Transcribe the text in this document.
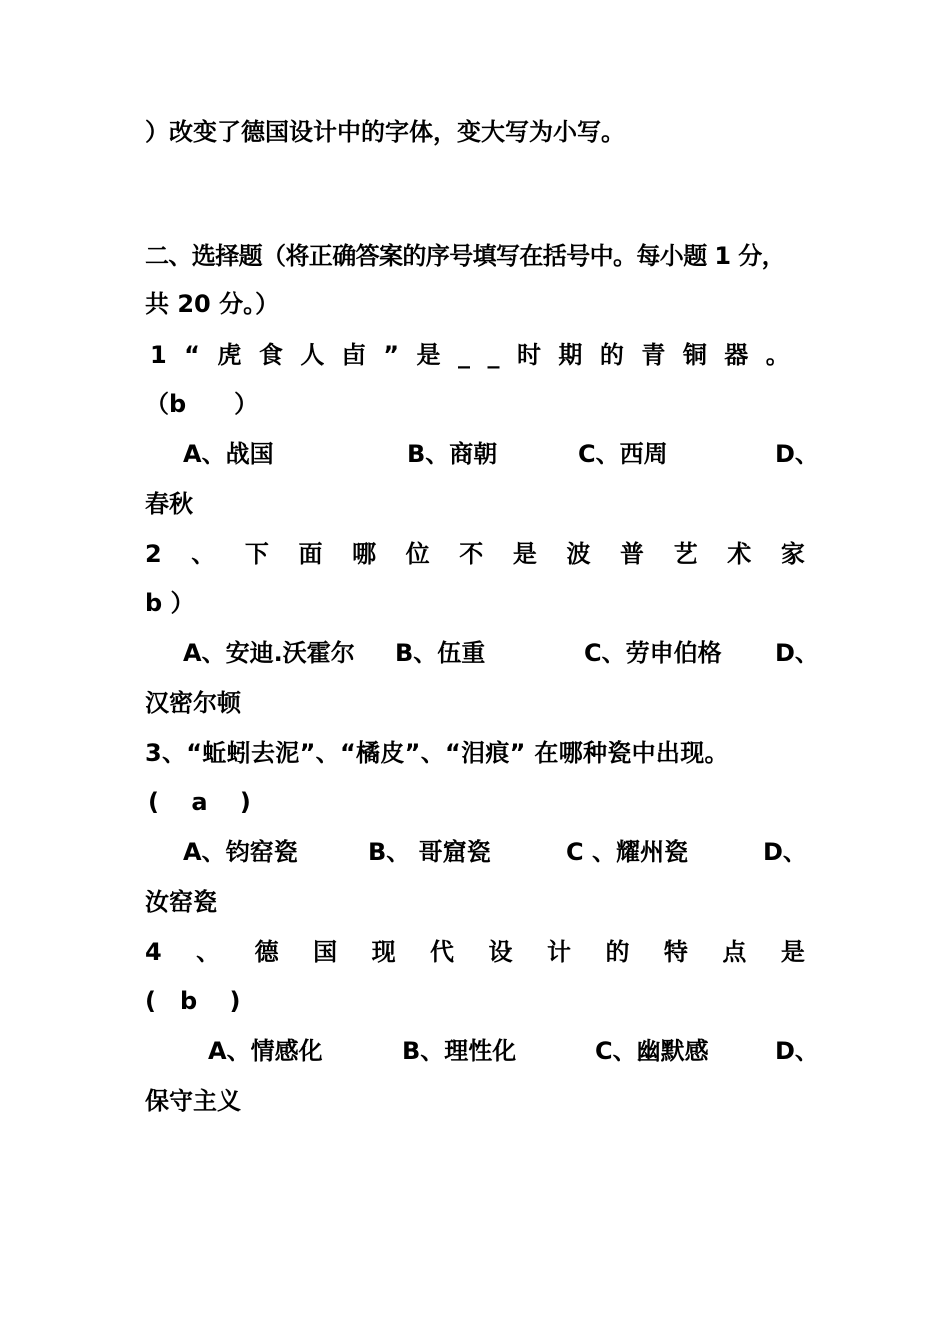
）改变了德国设计中的字体，变大写为小写。
二、选择题（将正确答案的序号填写在括号中。每小题 1 分，
共 20 分。）
1 “ 虎 食 人 卣 ” 是 _ _ 时 期 的 青 铜 器 。
（b　　）
A、战国	B、商朝	C、西周	D、
春秋
2 、 下 面 哪 位 不 是 波 普 艺 术 家
b ）
A、安迪.沃霍尔 B、伍重	C、劳申伯格 D、
汉密尔顿
3、“蚯蚓去泥”、“橘皮”、“泪痕” 在哪种瓷中出现。
(　 a　 )
A、钧窑瓷	B、 哥窟瓷	C 、耀州瓷	D、
汝窑瓷
4 、 德 国 现 代 设 计 的 特 点 是
(　b　 )
A、情感化	B、理性化	C、幽默感	D、
保守主义
